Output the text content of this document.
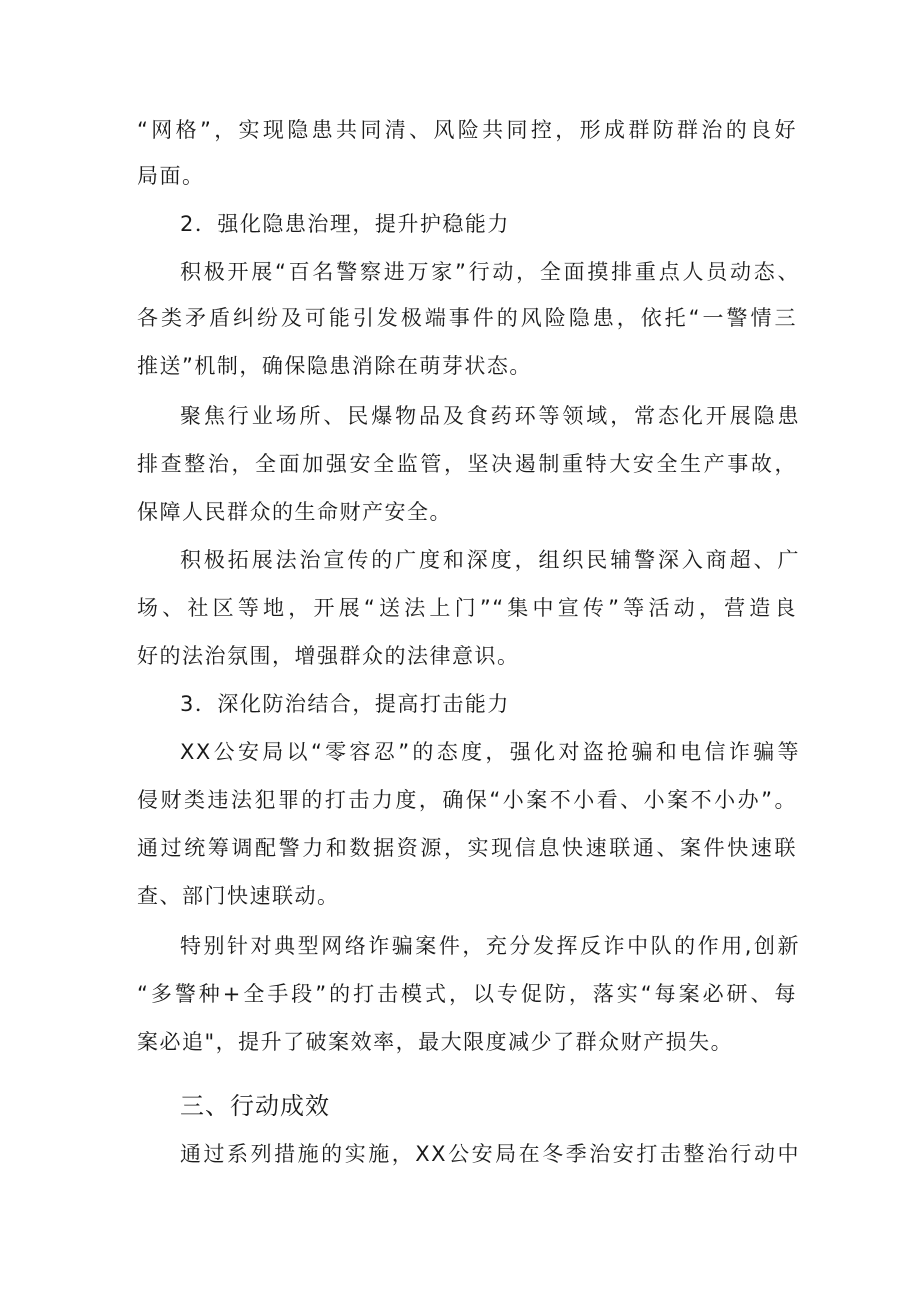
“网格”，实现隐患共同清、风险共同控，形成群防群治的良好
局面。
2．强化隐患治理，提升护稳能力
积极开展“百名警察进万家”行动，全面摸排重点人员动态、
各类矛盾纠纷及可能引发极端事件的风险隐患，依托“一警情三
推送”机制，确保隐患消除在萌芽状态。
聚焦行业场所、民爆物品及食药环等领域，常态化开展隐患
排查整治，全面加强安全监管，坚决遏制重特大安全生产事故，
保障人民群众的生命财产安全。
积极拓展法治宣传的广度和深度，组织民辅警深入商超、广
场、社区等地，开展“送法上门”“集中宣传”等活动，营造良
好的法治氛围，增强群众的法律意识。
3．深化防治结合，提高打击能力
XX公安局以“零容忍”的态度，强化对盗抢骗和电信诈骗等
侵财类违法犯罪的打击力度，确保“小案不小看、小案不小办”。
通过统筹调配警力和数据资源，实现信息快速联通、案件快速联
查、部门快速联动。
特别针对典型网络诈骗案件，充分发挥反诈中队的作用,创新
“多警种+全手段”的打击模式，以专促防，落实“每案必研、每
案必追"，提升了破案效率，最大限度减少了群众财产损失。
三、行动成效
通过系列措施的实施，XX公安局在冬季治安打击整治行动中
